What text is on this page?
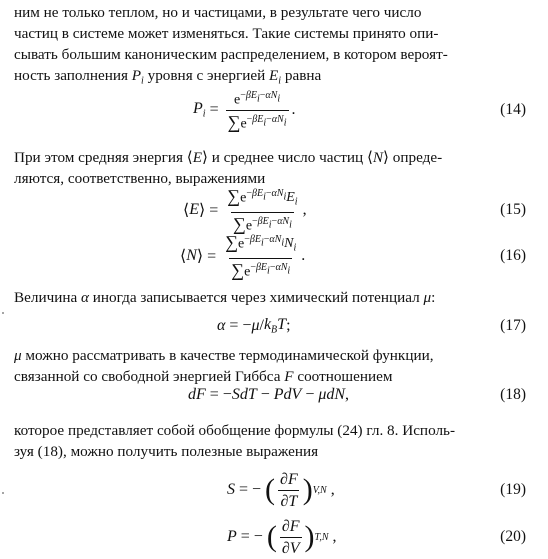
ним не только теплом, но и частицами, в результате чего число

частиц в системе может изменяться. Такие системы принято опи-

сывать большим каноническим распределением, в котором вероят-

ность заполнения $P_i$ уровня с энергией $E_i$ равна

$P_i = \frac{e^{-\beta E_i-\alpha N_i}}{\sum e^{-\beta E_i-\alpha N_i}}$ .	(14)

При этом средняя энергия ⟨E⟩ и среднее число частиц ⟨N⟩ опреде-

ляются, соответственно, выражениями

⟨ E ⟩ = $\frac{\sum e^{-\beta E_i-\alpha N_i}E_i}{\sum e^{-\beta E_i-\alpha N_i}}$ ,	(15)
⟨ N ⟩ = $\frac{\sum e^{-\beta E_i-\alpha N_i}N_i}{\sum e^{-\beta E_i-\alpha N_i}}$ .	(16)

Величина α иногда записывается через химический потенциал μ:

α = − μ / $k_BT$ ;	(17)

μ можно рассматривать в качестве термодинамической функции,

связанной со свободной энергией Гиббса F соотношением

dF = − SdT − PdV − μdN ,	(18)

которое представляет собой обобщение формулы (24) гл. 8. Исполь-

зуя (18), можно получить полезные выражения

S = − ( $\frac{\partial F}{\partial T}$ ) V,N ,	(19)
P = − ( $\frac{\partial F}{\partial V}$ ) T,N ,	(20)
